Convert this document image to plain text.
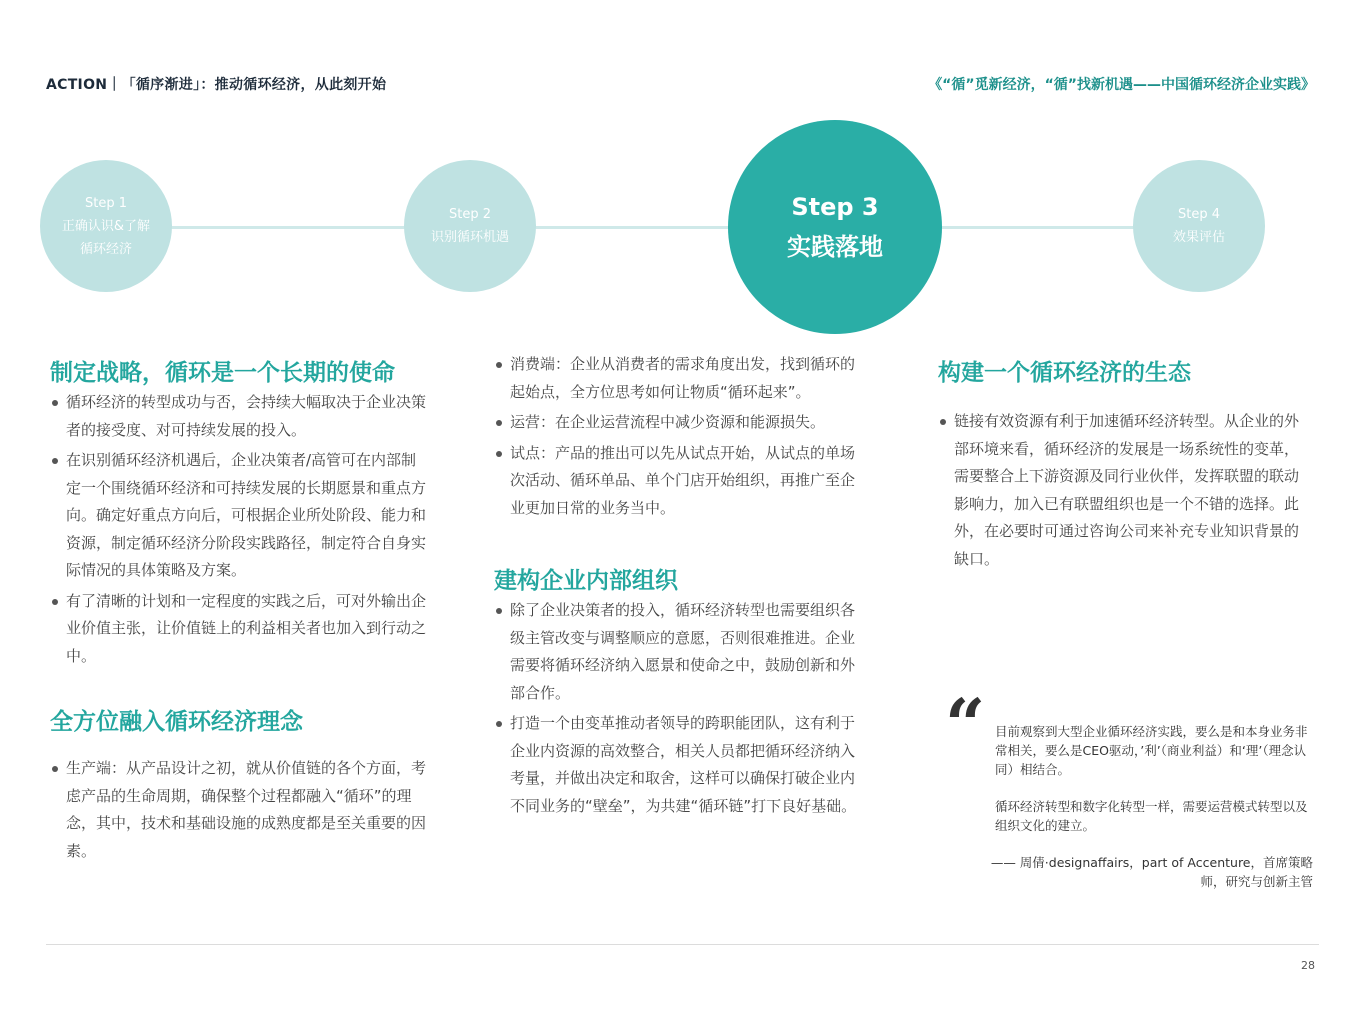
ACTION｜「循序渐进」：推动循环经济，从此刻开始	《“循”觅新经济，“循”找新机遇——中国循环经济企业实践》
Step 1
正确认识&了解
循环经济
Step 2
识别循环机遇
Step 3
实践落地
Step 4
效果评估
制定战略，循环是一个长期的使命
循环经济的转型成功与否，会持续大幅取决于企业决策者的接受度、对可持续发展的投入。
在识别循环经济机遇后，企业决策者/高管可在内部制定一个围绕循环经济和可持续发展的长期愿景和重点方向。确定好重点方向后，可根据企业所处阶段、能力和资源，制定循环经济分阶段实践路径，制定符合自身实际情况的具体策略及方案。
有了清晰的计划和一定程度的实践之后，可对外输出企业价值主张，让价值链上的利益相关者也加入到行动之中。
全方位融入循环经济理念
生产端：从产品设计之初，就从价值链的各个方面，考虑产品的生命周期，确保整个过程都融入“循环”的理念，其中，技术和基础设施的成熟度都是至关重要的因素。
消费端：企业从消费者的需求角度出发，找到循环的起始点，全方位思考如何让物质“循环起来”。
运营：在企业运营流程中减少资源和能源损失。
试点：产品的推出可以先从试点开始，从试点的单场次活动、循环单品、单个门店开始组织，再推广至企业更加日常的业务当中。
建构企业内部组织
除了企业决策者的投入，循环经济转型也需要组织各级主管改变与调整顺应的意愿，否则很难推进。企业需要将循环经济纳入愿景和使命之中，鼓励创新和外部合作。
打造一个由变革推动者领导的跨职能团队，这有利于企业内资源的高效整合，相关人员都把循环经济纳入考量，并做出决定和取舍，这样可以确保打破企业内不同业务的“壁垒”，为共建“循环链”打下良好基础。
构建一个循环经济的生态
链接有效资源有利于加速循环经济转型。从企业的外部环境来看，循环经济的发展是一场系统性的变革，需要整合上下游资源及同行业伙伴，发挥联盟的联动影响力，加入已有联盟组织也是一个不错的选择。此外，在必要时可通过咨询公司来补充专业知识背景的缺口。
“ 目前观察到大型企业循环经济实践，要么是和本身业务非常相关，要么是CEO驱动，’利’（商业利益）和‘理’（理念认同）相结合。
循环经济转型和数字化转型一样，需要运营模式转型以及组织文化的建立。
—— 周倩·designaffairs，part of Accenture，首席策略师，研究与创新主管
28
